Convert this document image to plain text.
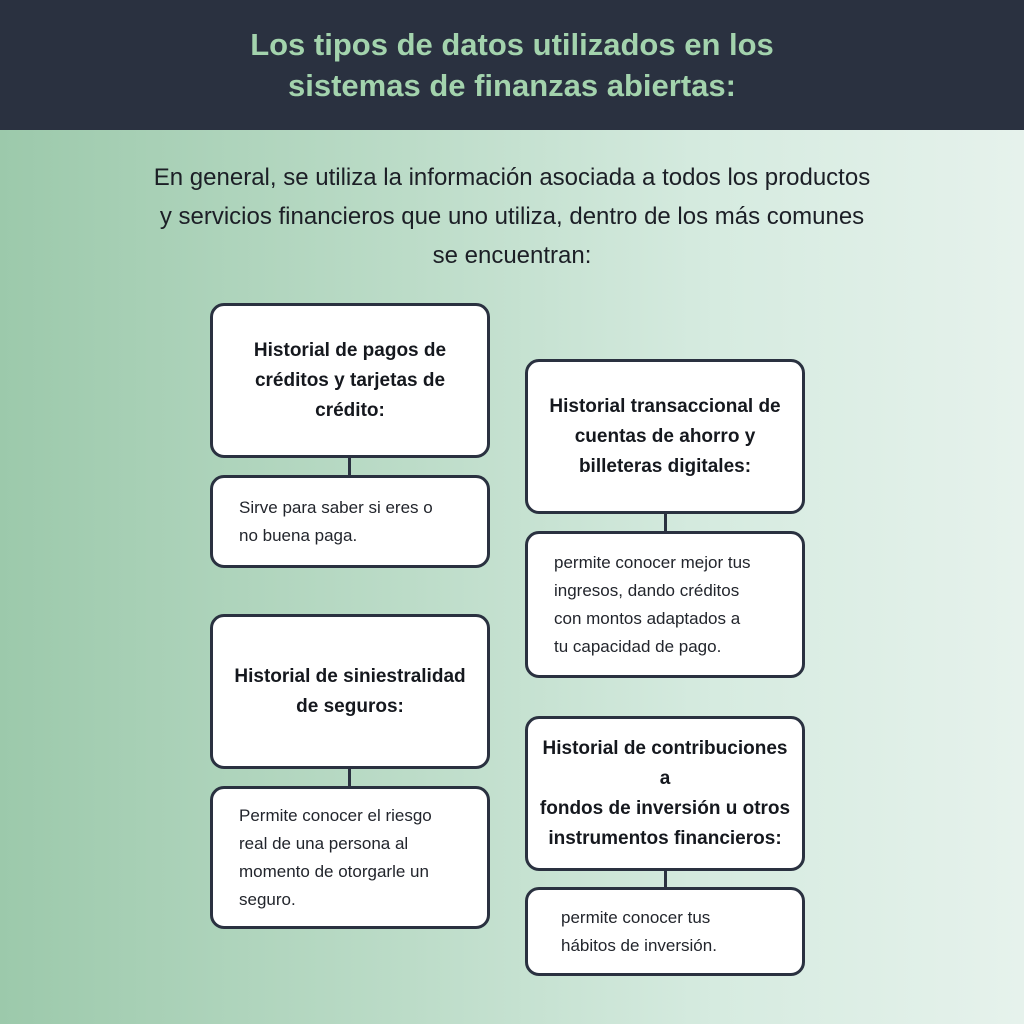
Los tipos de datos utilizados en los
sistemas de finanzas abiertas:
En general, se utiliza la información asociada a todos los productos
y servicios financieros que uno utiliza, dentro de los más comunes
se encuentran:
Historial de pagos de
créditos y tarjetas de
crédito:
Sirve para saber si eres o
no buena paga.
Historial transaccional de
cuentas de ahorro y
billeteras digitales:
permite conocer mejor tus
ingresos, dando créditos
con montos adaptados a
tu capacidad de pago.
Historial de siniestralidad
de seguros:
Permite conocer el riesgo
real de una persona al
momento de otorgarle un
seguro.
Historial de contribuciones a
fondos de inversión u otros
instrumentos financieros:
permite conocer tus
hábitos de inversión.
